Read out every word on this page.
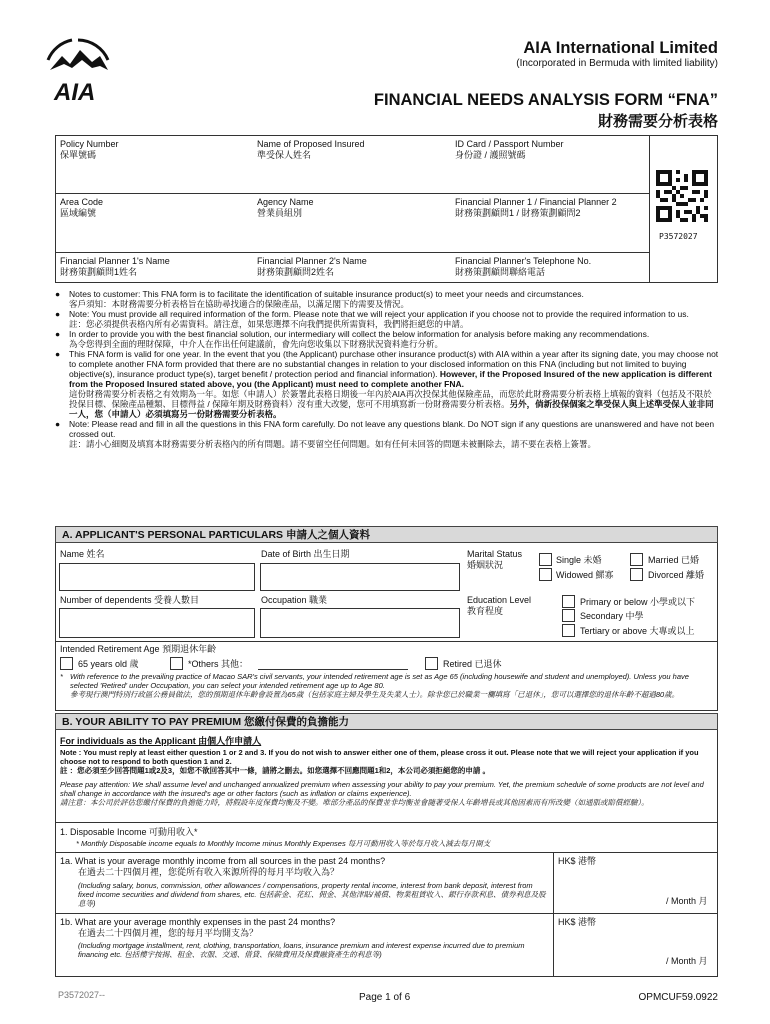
AIA
AIA International Limited
(Incorporated in Bermuda with limited liability)
FINANCIAL NEEDS ANALYSIS FORM “FNA”
財務需要分析表格
Policy Number
保單號碼
Name of Proposed Insured
準受保人姓名
ID Card / Passport Number
身份證 / 護照號碼
Area Code
區域編號
Agency Name
營業員組別
Financial Planner 1 / Financial Planner 2
財務策劃顧問1 / 財務策劃顧問2
Financial Planner 1's Name
財務策劃顧問1姓名
Financial Planner 2's Name
財務策劃顧問2姓名
Financial Planner's Telephone No.
財務策劃顧問聯絡電話
P3572027
● Notes to customer: This FNA form is to facilitate the identification of suitable insurance product(s) to meet your needs and circumstances.
客戶須知：本財務需要分析表格旨在協助尋找適合的保險產品，以滿足閣下的需要及情況。
● Note: You must provide all required information of the form. Please note that we will reject your application if you choose not to provide the required information to us.
註：您必須提供表格內所有必需資料。請注意，如果您選擇不向我們提供所需資料，我們將拒絕您的申請。
● In order to provide you with the best financial solution, our intermediary will collect the below information for analysis before making any recommendations.
為令您得到全面的理財保障，中介人在作出任何建議前，會先向您收集以下財務狀況資料進行分析。
● This FNA form is valid for one year. In the event that you (the Applicant) purchase other insurance product(s) with AIA within a year after its signing date, you may choose not to complete another FNA form provided that there are no substantial changes in relation to your disclosed information on this FNA (including but not limited to buying objective(s), insurance product type(s), target benefit / protection period and financial information). However, if the Proposed Insured of the new application is different from the Proposed Insured stated above, you (the Applicant) must need to complete another FNA.
這份財務需要分析表格之有效期為一年。如您（申請人）於簽署此表格日期後一年內於AIA再次投保其他保險產品，而您於此財務需要分析表格上填報的資料（包括及不限於投保目標、保險產品種類、目標得益 / 保障年期及財務資料）沒有重大改變，您可不用填寫新一份財務需要分析表格。另外，倘新投保個案之準受保人與上述準受保人並非同一人，您（申請人）必須填寫另一份財務需要分析表格。
● Note: Please read and fill in all the questions in this FNA form carefully. Do not leave any questions blank. Do NOT sign if any questions are unanswered and have not been crossed out.
註：請小心細閱及填寫本財務需要分析表格內的所有問題。請不要留空任何問題。如有任何未回答的問題未被刪除去，請不要在表格上簽署。
A. APPLICANT'S PERSONAL PARTICULARS 申請人之個人資料
Name 姓名	Date of Birth 出生日期	Marital Status
婚姻狀況	Single 未婚	Married 已婚
Widowed 鰥寡	Divorced 離婚
Number of dependents 受養人數目	Occupation 職業	Education Level
教育程度
Primary or below 小學或以下
Secondary 中學
Tertiary or above 大專或以上
Intended Retirement Age 預期退休年齡
65 years old 歲	*Others 其他：	Retired 已退休
* With reference to the prevailing practice of Macao SAR's civil servants, your intended retirement age is set as Age 65 (including housewife and student and unemployed). Unless you have selected 'Retired' under Occupation, you can select your intended retirement age up to Age 80.
參考現行澳門特別行政區公務員做法，您的預期退休年齡會設置為65歲（包括家庭主婦及學生及失業人士）。除非您已於職業一欄填寫「已退休」，您可以選擇您的退休年齡不超過80歲。
B. YOUR ABILITY TO PAY PREMIUM 您繳付保費的負擔能力
For individuals as the Applicant 由個人作申請人
Note : You must reply at least either question 1 or 2 and 3. If you do not wish to answer either one of them, please cross it out. Please note that we will reject your application if you choose not to respond to both question 1 and 2.
註 ：您必須至少回答問題1或2及3，如您不欲回答其中一條，請將之刪去。如您選擇不回應問題1和2，本公司必須拒絕您的申請 。
Please pay attention: We shall assume level and unchanged annualized premium when assessing your ability to pay your premium. Yet, the premium schedule of some products are not level and shall change in accordance with the insured's age or other factors (such as inflation or claims experience).
請注意：本公司於評估您繳付保費的負擔能力時，將假設年度保費均衡及不變。唯部分產品的保費並非均衡並會隨著受保人年齡增長或其他因素而有所改變（如通脹或賠償經驗）。
1. Disposable Income 可動用收入*
* Monthly Disposable income equals to Monthly Income minus Monthly Expenses 每月可動用收入等於每月收入減去每月開支
1a. What is your average monthly income from all sources in the past 24 months?
在過去二十四個月裡，您從所有收入來源所得的每月平均收入為？
(Including salary, bonus, commission, other allowances / compensations, property rental income, interest from bank deposit, interest from fixed income securities and dividend from shares, etc. 包括薪金、花紅、佣金、其他津貼/補償、物業租賃收入、銀行存款利息、債券利息及股息等)
HK$ 港幣
/ Month 月
1b. What are your average monthly expenses in the past 24 months?
在過去二十四個月裡，您的每月平均開支為？
(Including mortgage installment, rent, clothing, transportation, loans, insurance premium and interest expense incurred due to premium financing etc. 包括樓宇按揭、租金、衣服、交通、借貸、保險費用及保費融資產生的利息等)
HK$ 港幣
/ Month 月
P3572027--	Page 1 of 6	OPMCUF59.0922
